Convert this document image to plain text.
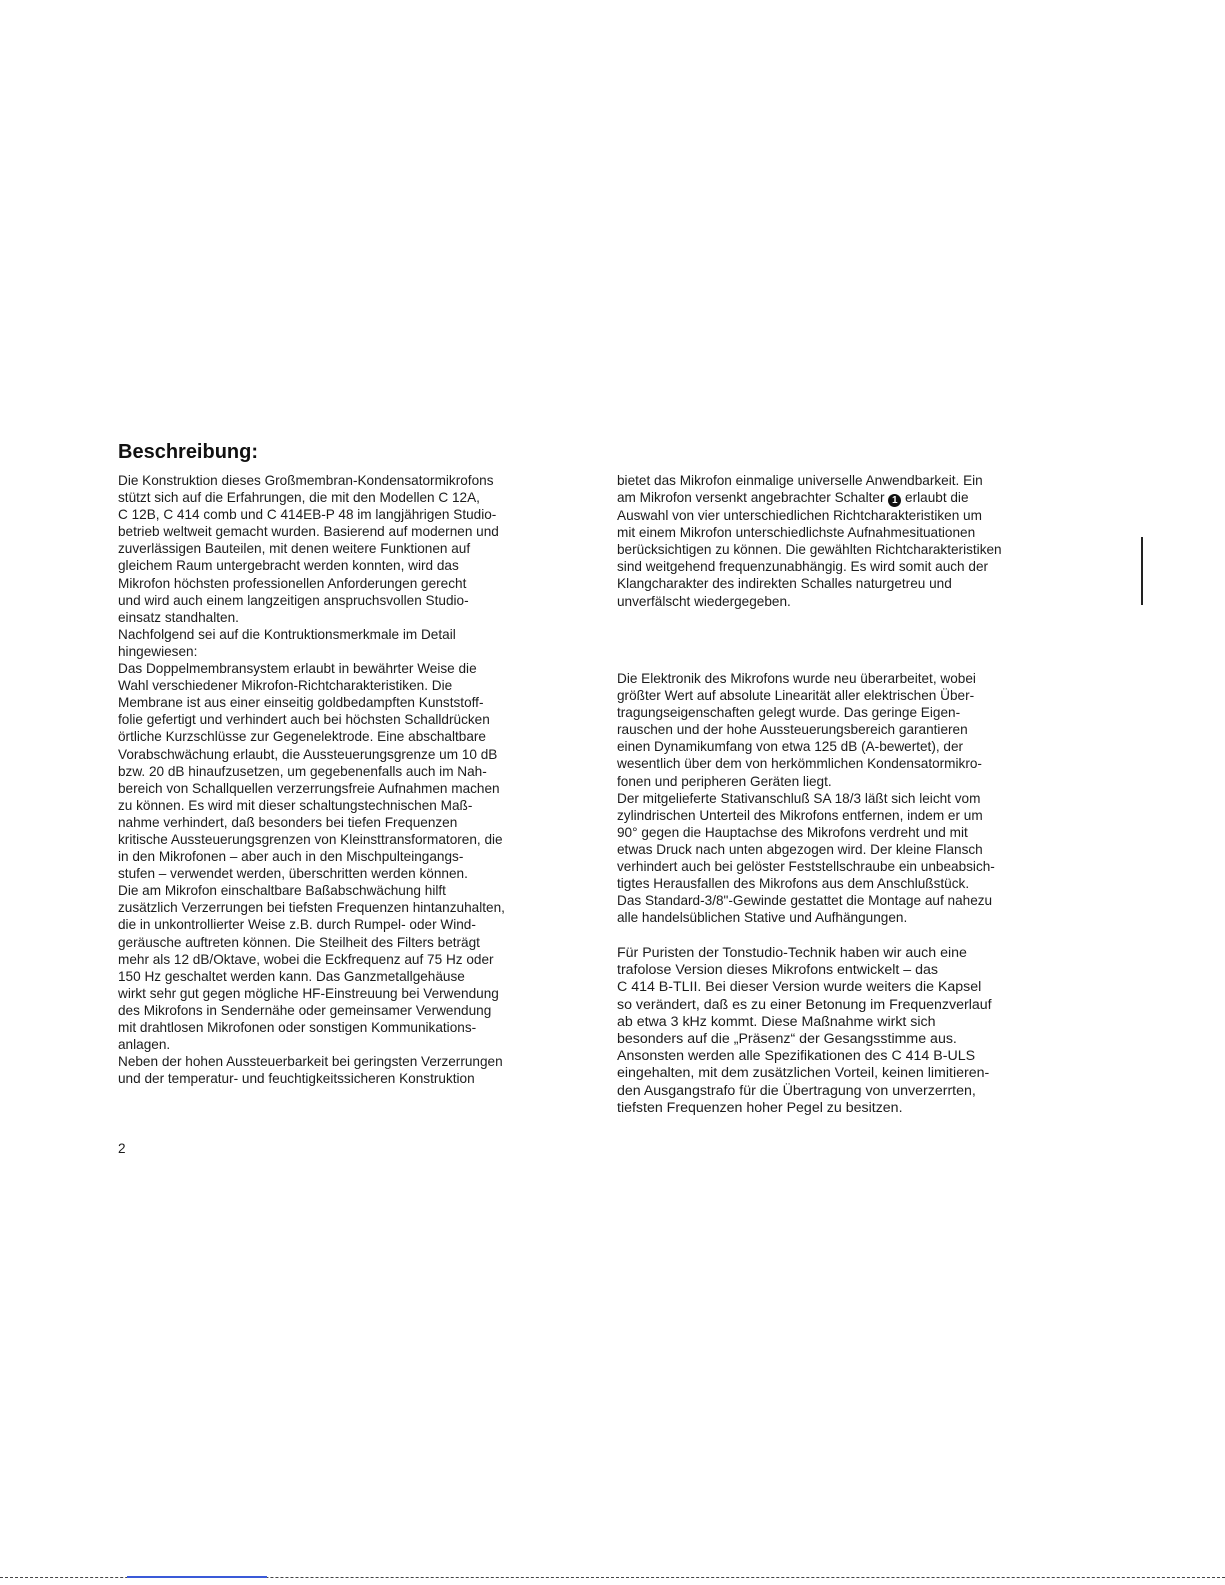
Beschreibung:
Die Konstruktion dieses Großmembran-Kondensatormikrofons
stützt sich auf die Erfahrungen, die mit den Modellen C 12A,
C 12B, C 414 comb und C 414EB-P 48 im langjährigen Studio-
betrieb weltweit gemacht wurden. Basierend auf modernen und
zuverlässigen Bauteilen, mit denen weitere Funktionen auf
gleichem Raum untergebracht werden konnten, wird das
Mikrofon höchsten professionellen Anforderungen gerecht
und wird auch einem langzeitigen anspruchsvollen Studio-
einsatz standhalten.
Nachfolgend sei auf die Kontruktionsmerkmale im Detail
hingewiesen:
Das Doppelmembransystem erlaubt in bewährter Weise die
Wahl verschiedener Mikrofon-Richtcharakteristiken. Die
Membrane ist aus einer einseitig goldbedampften Kunststoff-
folie gefertigt und verhindert auch bei höchsten Schalldrücken
örtliche Kurzschlüsse zur Gegenelektrode. Eine abschaltbare
Vorabschwächung erlaubt, die Aussteuerungsgrenze um 10 dB
bzw. 20 dB hinaufzusetzen, um gegebenenfalls auch im Nah-
bereich von Schallquellen verzerrungsfreie Aufnahmen machen
zu können. Es wird mit dieser schaltungstechnischen Maß-
nahme verhindert, daß besonders bei tiefen Frequenzen
kritische Aussteuerungsgrenzen von Kleinsttransformatoren, die
in den Mikrofonen – aber auch in den Mischpulteingangs-
stufen – verwendet werden, überschritten werden können.
Die am Mikrofon einschaltbare Baßabschwächung hilft
zusätzlich Verzerrungen bei tiefsten Frequenzen hintanzuhalten,
die in unkontrollierter Weise z.B. durch Rumpel- oder Wind-
geräusche auftreten können. Die Steilheit des Filters beträgt
mehr als 12 dB/Oktave, wobei die Eckfrequenz auf 75 Hz oder
150 Hz geschaltet werden kann. Das Ganzmetallgehäuse
wirkt sehr gut gegen mögliche HF-Einstreuung bei Verwendung
des Mikrofons in Sendernähe oder gemeinsamer Verwendung
mit drahtlosen Mikrofonen oder sonstigen Kommunikations-
anlagen.
Neben der hohen Aussteuerbarkeit bei geringsten Verzerrungen
und der temperatur- und feuchtigkeitssicheren Konstruktion
bietet das Mikrofon einmalige universelle Anwendbarkeit. Ein
am Mikrofon versenkt angebrachter Schalter 1 erlaubt die
Auswahl von vier unterschiedlichen Richtcharakteristiken um
mit einem Mikrofon unterschiedlichste Aufnahmesituationen
berücksichtigen zu können. Die gewählten Richtcharakteristiken
sind weitgehend frequenzunabhängig. Es wird somit auch der
Klangcharakter des indirekten Schalles naturgetreu und
unverfälscht wiedergegeben.
Die Elektronik des Mikrofons wurde neu überarbeitet, wobei
größter Wert auf absolute Linearität aller elektrischen Über-
tragungseigenschaften gelegt wurde. Das geringe Eigen-
rauschen und der hohe Aussteuerungsbereich garantieren
einen Dynamikumfang von etwa 125 dB (A-bewertet), der
wesentlich über dem von herkömmlichen Kondensatormikro-
fonen und peripheren Geräten liegt.
Der mitgelieferte Stativanschluß SA 18/3 läßt sich leicht vom
zylindrischen Unterteil des Mikrofons entfernen, indem er um
90° gegen die Hauptachse des Mikrofons verdreht und mit
etwas Druck nach unten abgezogen wird. Der kleine Flansch
verhindert auch bei gelöster Feststellschraube ein unbeabsich-
tigtes Herausfallen des Mikrofons aus dem Anschlußstück.
Das Standard-3/8"-Gewinde gestattet die Montage auf nahezu
alle handelsüblichen Stative und Aufhängungen.
Für Puristen der Tonstudio-Technik haben wir auch eine
trafolose Version dieses Mikrofons entwickelt – das
C 414 B-TLII. Bei dieser Version wurde weiters die Kapsel
so verändert, daß es zu einer Betonung im Frequenzverlauf
ab etwa 3 kHz kommt. Diese Maßnahme wirkt sich
besonders auf die „Präsenz“ der Gesangsstimme aus.
Ansonsten werden alle Spezifikationen des C 414 B-ULS
eingehalten, mit dem zusätzlichen Vorteil, keinen limitieren-
den Ausgangstrafo für die Übertragung von unverzerrten,
tiefsten Frequenzen hoher Pegel zu besitzen.
2
